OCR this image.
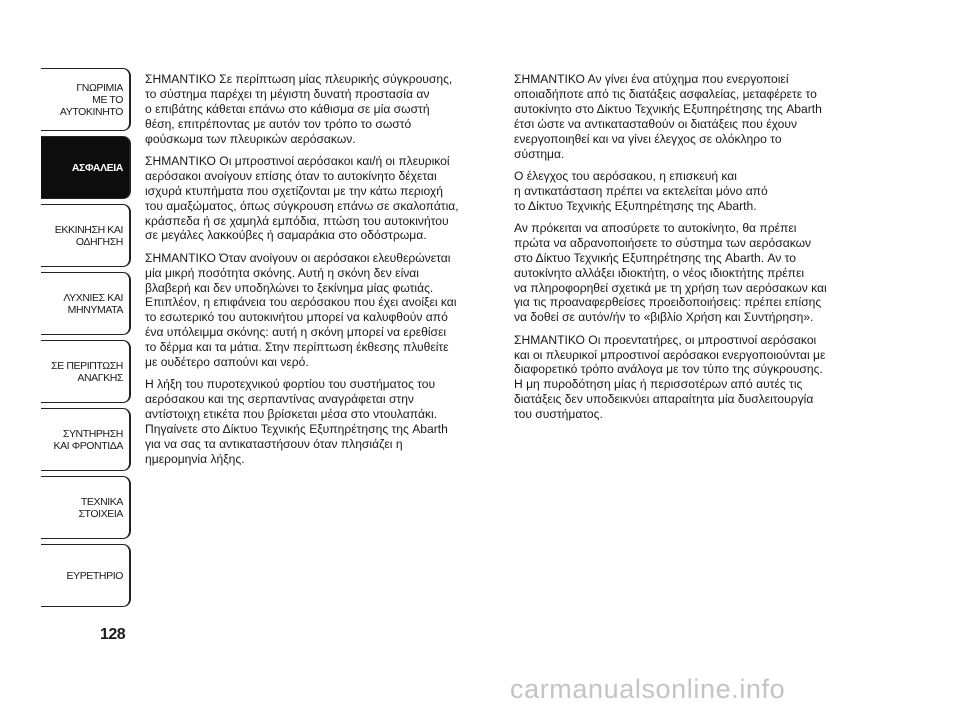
ΓΝΩΡΙΜΙΑ
ΜΕ ΤΟ
ΑΥΤΟΚΙΝΗΤΟ
ΑΣΦΑΛΕΙΑ
ΕΚΚΙΝΗΣΗ ΚΑΙ
ΟΔΗΓΗΣΗ
ΛΥΧΝΙΕΣ ΚΑΙ
ΜΗΝΥΜΑΤΑ
ΣΕ ΠΕΡΙΠΤΩΣΗ
ΑΝΑΓΚΗΣ
ΣΥΝΤΗΡΗΣΗ
ΚΑΙ ΦΡΟΝΤΙΔΑ
ΤΕΧΝΙΚΑ
ΣΤΟΙΧΕΙΑ
ΕΥΡΕΤΗΡΙΟ
128

ΣΗΜΑΝΤΙΚΟ Σε περίπτωση μίας πλευρικής σύγκρουσης,
το σύστημα παρέχει τη μέγιστη δυνατή προστασία αν
ο επιβάτης κάθεται επάνω στο κάθισμα σε μία σωστή
θέση, επιτρέποντας με αυτόν τον τρόπο το σωστό
φούσκωμα των πλευρικών αερόσακων.

ΣΗΜΑΝΤΙΚΟ Οι μπροστινοί αερόσακοι και/ή οι πλευρικοί
αερόσακοι ανοίγουν επίσης όταν το αυτοκίνητο δέχεται
ισχυρά κτυπήματα που σχετίζονται με την κάτω περιοχή
του αμαξώματος, όπως σύγκρουση επάνω σε σκαλοπάτια,
κράσπεδα ή σε χαμηλά εμπόδια, πτώση του αυτοκινήτου
σε μεγάλες λακκούβες ή σαμαράκια στο οδόστρωμα.

ΣΗΜΑΝΤΙΚΟ Όταν ανοίγουν οι αερόσακοι ελευθερώνεται
μία μικρή ποσότητα σκόνης. Αυτή η σκόνη δεν είναι
βλαβερή και δεν υποδηλώνει το ξεκίνημα μίας φωτιάς.
Επιπλέον, η επιφάνεια του αερόσακου που έχει ανοίξει και
το εσωτερικό του αυτοκινήτου μπορεί να καλυφθούν από
ένα υπόλειμμα σκόνης: αυτή η σκόνη μπορεί να ερεθίσει
το δέρμα και τα μάτια. Στην περίπτωση έκθεσης πλυθείτε
με ουδέτερο σαπούνι και νερό.

Η λήξη του πυροτεχνικού φορτίου του συστήματος του
αερόσακου και της σερπαντίνας αναγράφεται στην
αντίστοιχη ετικέτα που βρίσκεται μέσα στο ντουλαπάκι.
Πηγαίνετε στο Δίκτυο Τεχνικής Εξυπηρέτησης της Abarth
για να σας τα αντικαταστήσουν όταν πλησιάζει η
ημερομηνία λήξης.

ΣΗΜΑΝΤΙΚΟ Αν γίνει ένα ατύχημα που ενεργοποιεί
οποιαδήποτε από τις διατάξεις ασφαλείας, μεταφέρετε το
αυτοκίνητο στο Δίκτυο Τεχνικής Εξυπηρέτησης της Abarth
έτσι ώστε να αντικατασταθούν οι διατάξεις που έχουν
ενεργοποιηθεί και να γίνει έλεγχος σε ολόκληρο το
σύστημα.

Ο έλεγχος του αερόσακου, η επισκευή και
η αντικατάσταση πρέπει να εκτελείται μόνο από
το Δίκτυο Τεχνικής Εξυπηρέτησης της Abarth.

Αν πρόκειται να αποσύρετε το αυτοκίνητο, θα πρέπει
πρώτα να αδρανοποιήσετε το σύστημα των αερόσακων
στο Δίκτυο Τεχνικής Εξυπηρέτησης της Abarth. Αν το
αυτοκίνητο αλλάξει ιδιοκτήτη, ο νέος ιδιοκτήτης πρέπει
να πληροφορηθεί σχετικά με τη χρήση των αερόσακων και
για τις προαναφερθείσες προειδοποιήσεις: πρέπει επίσης
να δοθεί σε αυτόν/ήν το «βιβλίο Χρήση και Συντήρηση».

ΣΗΜΑΝΤΙΚΟ Οι προεντατήρες, οι μπροστινοί αερόσακοι
και οι πλευρικοί μπροστινοί αερόσακοι ενεργοποιούνται με
διαφορετικό τρόπο ανάλογα με τον τύπο της σύγκρουσης.
Η μη πυροδότηση μίας ή περισσοτέρων από αυτές τις
διατάξεις δεν υποδεικνύει απαραίτητα μία δυσλειτουργία
του συστήματος.

carmanualsonline.info
